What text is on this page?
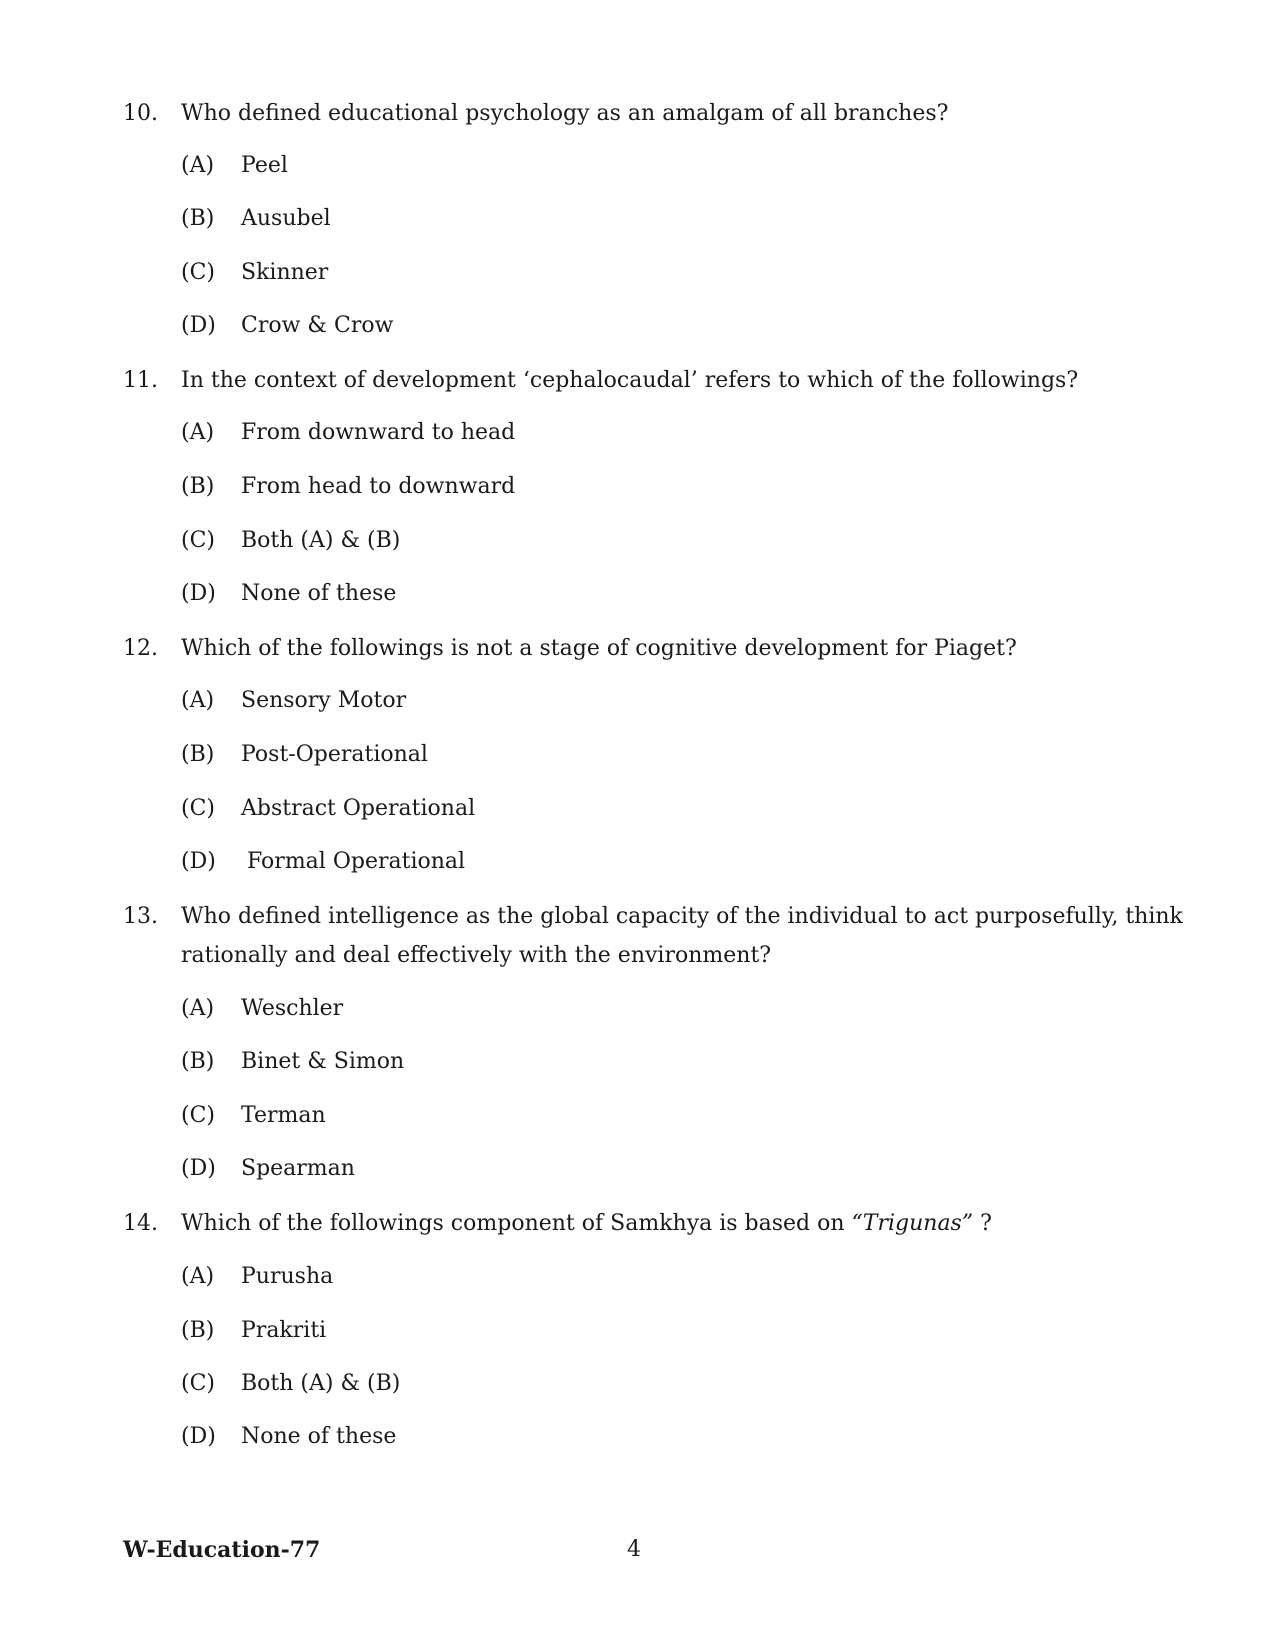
10. Who defined educational psychology as an amalgam of all branches?
(A) Peel
(B) Ausubel
(C) Skinner
(D) Crow & Crow
11. In the context of development ‘cephalocaudal’ refers to which of the followings?
(A) From downward to head
(B) From head to downward
(C) Both (A) & (B)
(D) None of these
12. Which of the followings is not a stage of cognitive development for Piaget?
(A) Sensory Motor
(B) Post-Operational
(C) Abstract Operational
(D) Formal Operational
13. Who defined intelligence as the global capacity of the individual to act purposefully, think
rationally and deal effectively with the environment?
(A) Weschler
(B) Binet & Simon
(C) Terman
(D) Spearman
14. Which of the followings component of Samkhya is based on “Trigunas” ?
(A) Purusha
(B) Prakriti
(C) Both (A) & (B)
(D) None of these
W-Education-77	4
